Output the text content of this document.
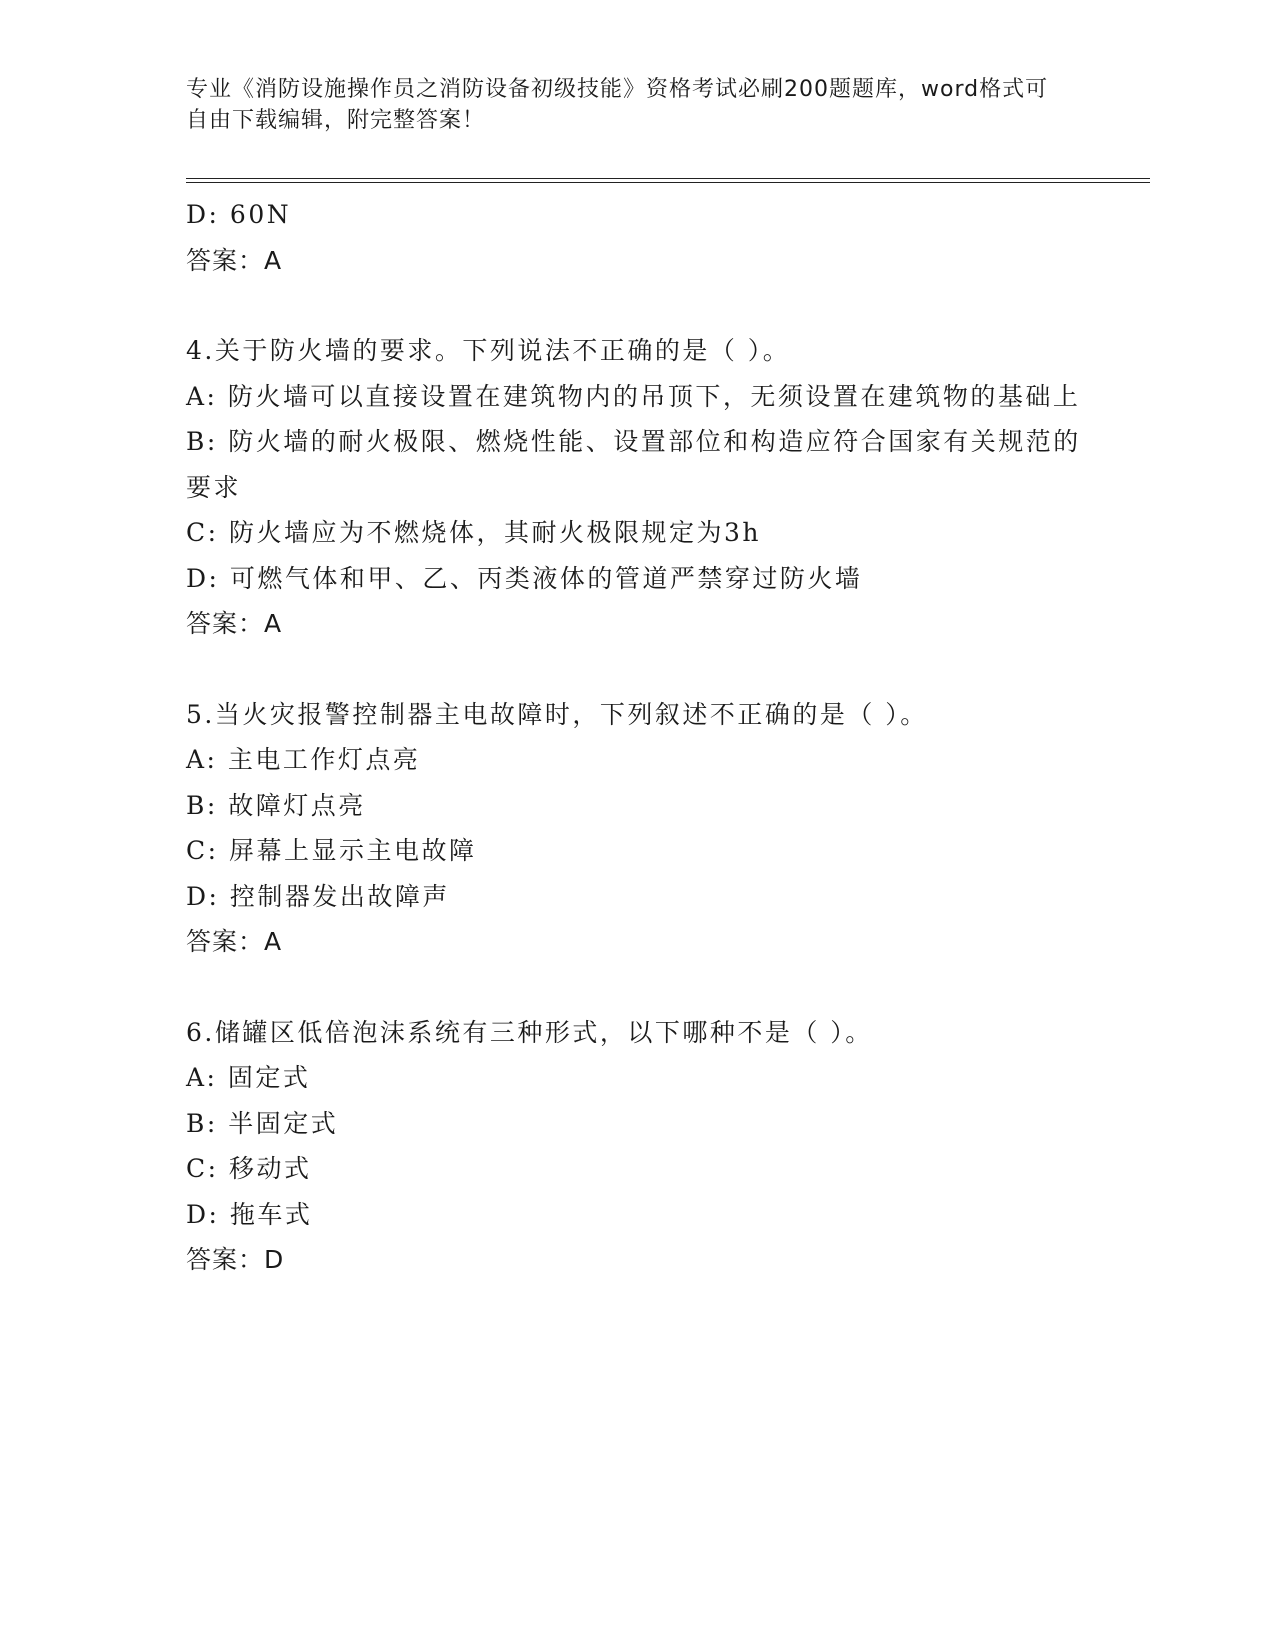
专业《消防设施操作员之消防设备初级技能》资格考试必刷200题题库，word格式可自由下载编辑，附完整答案！
D: 60N
答案：A
4.关于防火墙的要求。下列说法不正确的是（ ）。
A: 防火墙可以直接设置在建筑物内的吊顶下，无须设置在建筑物的基础上
B: 防火墙的耐火极限、燃烧性能、设置部位和构造应符合国家有关规范的要求
C: 防火墙应为不燃烧体，其耐火极限规定为3h
D: 可燃气体和甲、乙、丙类液体的管道严禁穿过防火墙
答案：A
5.当火灾报警控制器主电故障时，下列叙述不正确的是（ ）。
A: 主电工作灯点亮
B: 故障灯点亮
C: 屏幕上显示主电故障
D: 控制器发出故障声
答案：A
6.储罐区低倍泡沫系统有三种形式，以下哪种不是（ ）。
A: 固定式
B: 半固定式
C: 移动式
D: 拖车式
答案：D
